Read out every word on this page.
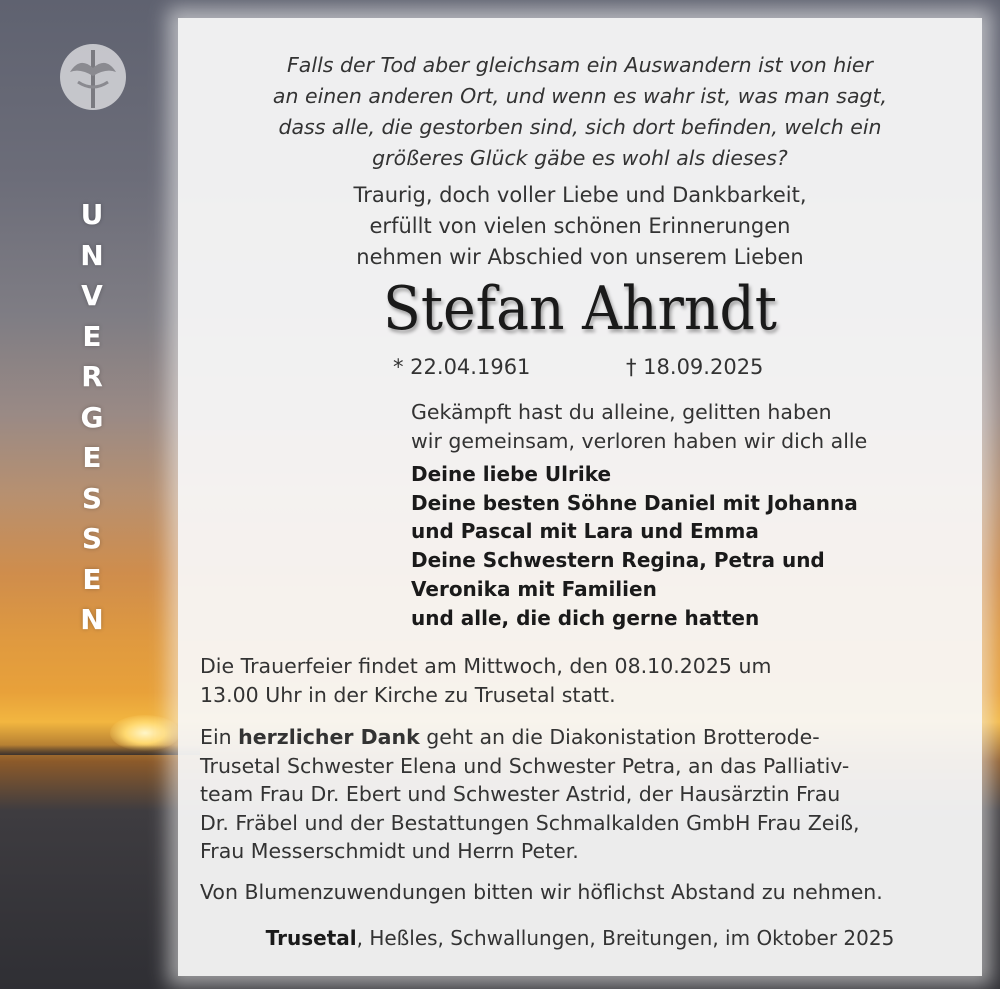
U
N
V
E
R
G
E
S
S
E
N
Falls der Tod aber gleichsam ein Auswandern ist von hier
an einen anderen Ort, und wenn es wahr ist, was man sagt,
dass alle, die gestorben sind, sich dort befinden, welch ein
größeres Glück gäbe es wohl als dieses?
Traurig, doch voller Liebe und Dankbarkeit,
erfüllt von vielen schönen Erinnerungen
nehmen wir Abschied von unserem Lieben
Stefan Ahrndt
* 22.04.1961	† 18.09.2025
Gekämpft hast du alleine, gelitten haben
wir gemeinsam, verloren haben wir dich alle
Deine liebe Ulrike
Deine besten Söhne Daniel mit Johanna
und Pascal mit Lara und Emma
Deine Schwestern Regina, Petra und
Veronika mit Familien
und alle, die dich gerne hatten
Die Trauerfeier findet am Mittwoch, den 08.10.2025 um
13.00 Uhr in der Kirche zu Trusetal statt.
Ein herzlicher Dank geht an die Diakonistation Brotterode-
Trusetal Schwester Elena und Schwester Petra, an das Palliativ-
team Frau Dr. Ebert und Schwester Astrid, der Hausärztin Frau
Dr. Fräbel und der Bestattungen Schmalkalden GmbH Frau Zeiß,
Frau Messerschmidt und Herrn Peter.
Von Blumenzuwendungen bitten wir höflichst Abstand zu nehmen.
Trusetal, Heßles, Schwallungen, Breitungen, im Oktober 2025
